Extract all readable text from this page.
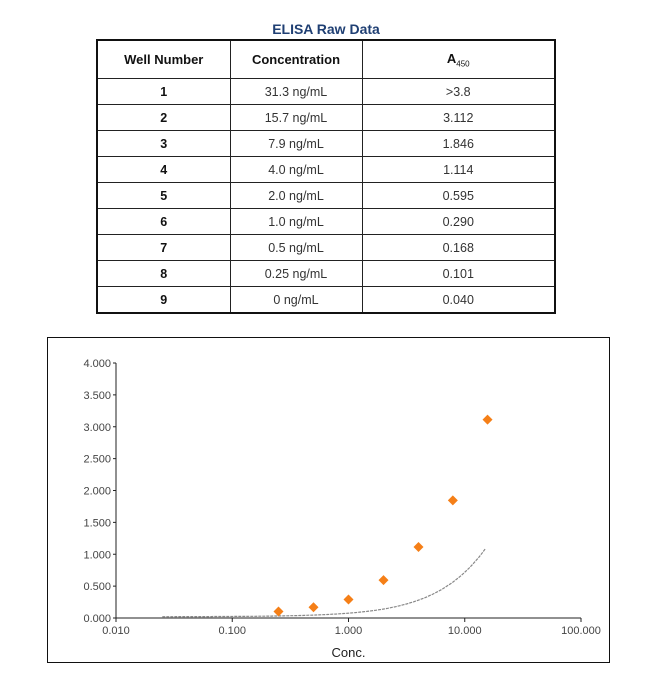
ELISA Raw Data
Well Number	Concentration	$A_{450}$
1	31.3 ng/mL	>3.8
2	15.7 ng/mL	3.112
3	7.9 ng/mL	1.846
4	4.0 ng/mL	1.114
5	2.0 ng/mL	0.595
6	1.0 ng/mL	0.290
7	0.5 ng/mL	0.168
8	0.25 ng/mL	0.101
9	0 ng/mL	0.040
0.000
0.500
1.000
1.500
2.000
2.500
3.000
3.500
4.000
0.010	0.100	1.000	10.000	100.000
Conc.
